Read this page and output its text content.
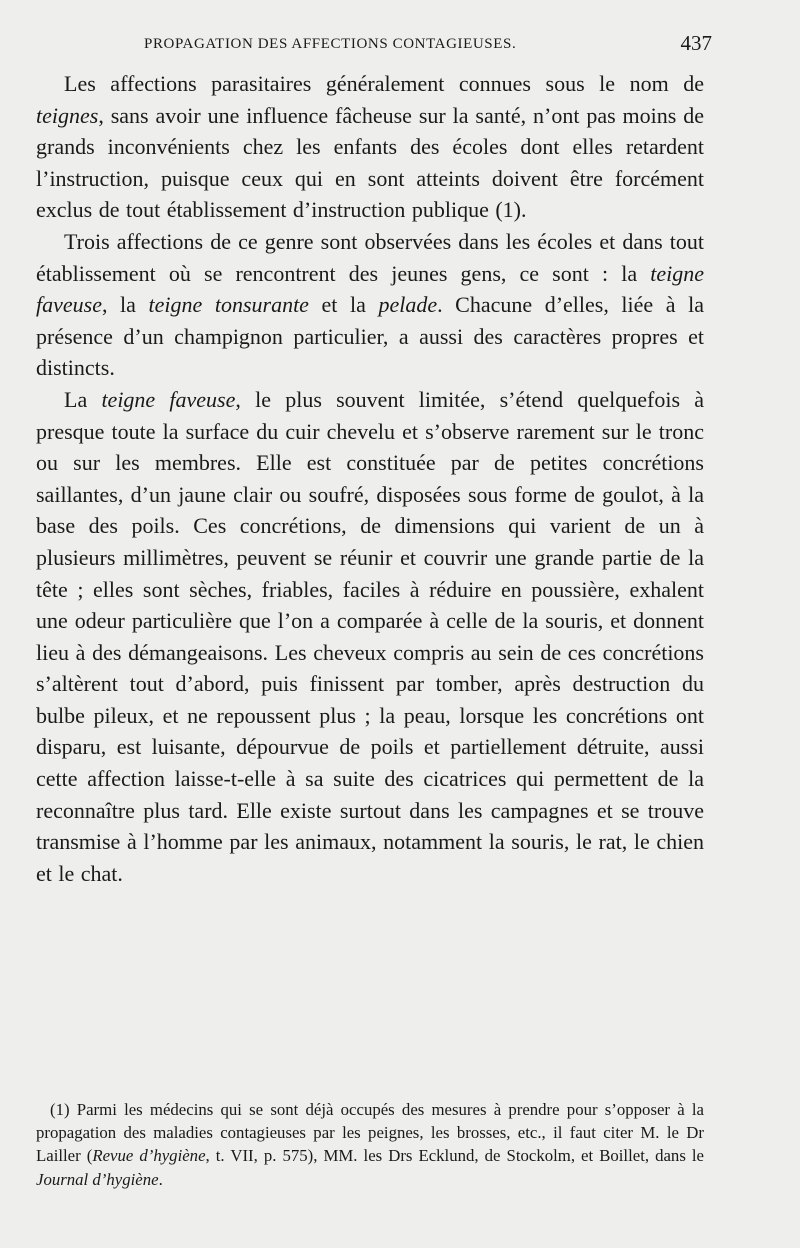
PROPAGATION DES AFFECTIONS CONTAGIEUSES.	437

Les affections parasitaires généralement connues sous le nom de teignes, sans avoir une influence fâcheuse sur la santé, n’ont pas moins de grands inconvénients chez les enfants des écoles dont elles retardent l’instruction, puisque ceux qui en sont atteints doivent être forcément exclus de tout établissement d’instruction publique (1).

Trois affections de ce genre sont observées dans les écoles et dans tout établissement où se rencontrent des jeunes gens, ce sont : la teigne faveuse, la teigne tonsurante et la pelade. Chacune d’elles, liée à la présence d’un champignon particulier, a aussi des caractères propres et distincts.

La teigne faveuse, le plus souvent limitée, s’étend quelquefois à presque toute la surface du cuir chevelu et s’observe rarement sur le tronc ou sur les membres. Elle est constituée par de petites concrétions saillantes, d’un jaune clair ou soufré, disposées sous forme de goulot, à la base des poils. Ces concrétions, de dimensions qui varient de un à plusieurs millimètres, peuvent se réunir et couvrir une grande partie de la tête ; elles sont sèches, friables, faciles à réduire en poussière, exhalent une odeur particulière que l’on a comparée à celle de la souris, et donnent lieu à des démangeaisons. Les cheveux compris au sein de ces concrétions s’altèrent tout d’abord, puis finissent par tomber, après destruction du bulbe pileux, et ne repoussent plus ; la peau, lorsque les concrétions ont disparu, est luisante, dépourvue de poils et partiellement détruite, aussi cette affection laisse-t-elle à sa suite des cicatrices qui permettent de la reconnaître plus tard. Elle existe surtout dans les campagnes et se trouve transmise à l’homme par les animaux, notamment la souris, le rat, le chien et le chat.

(1) Parmi les médecins qui se sont déjà occupés des mesures à prendre pour s’opposer à la propagation des maladies contagieuses par les peignes, les brosses, etc., il faut citer M. le Dr Lailler (Revue d’hygiène, t. VII, p. 575), MM. les Drs Ecklund, de Stockolm, et Boillet, dans le Journal d’hygiène.
